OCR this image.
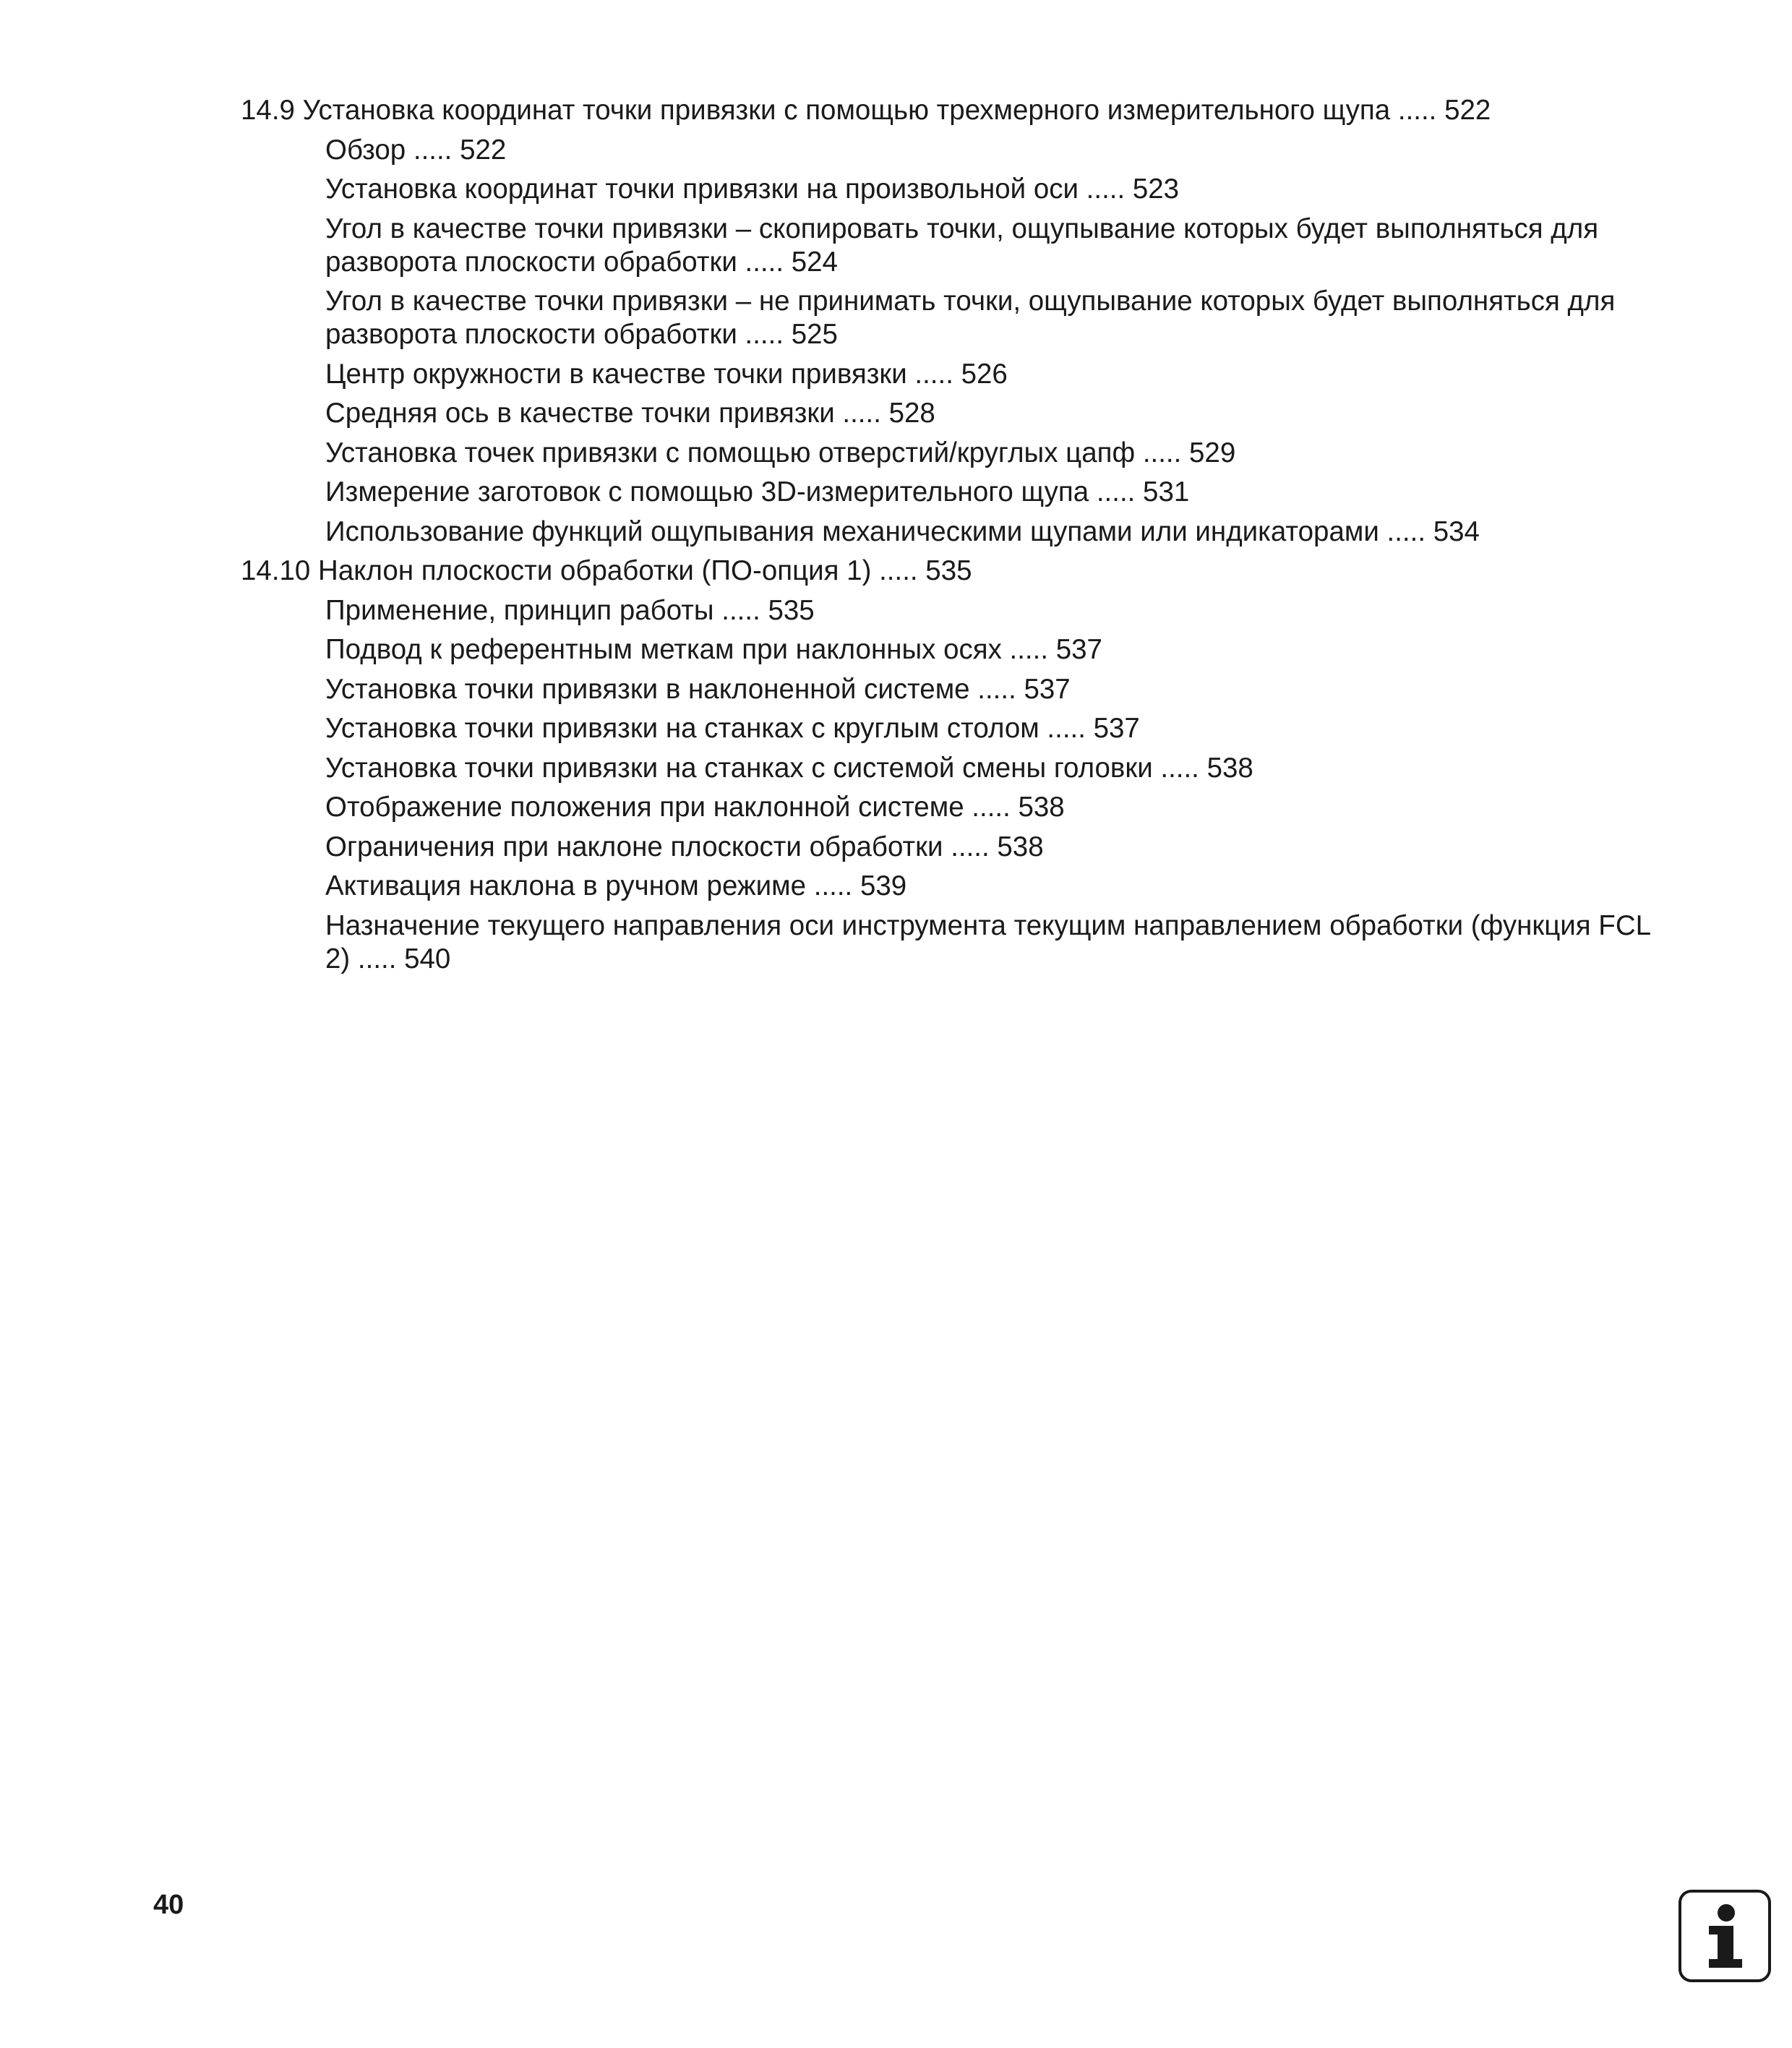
14.9 Установка координат точки привязки с помощью трехмерного измерительного щупа ..... 522
Обзор ..... 522
Установка координат точки привязки на произвольной оси ..... 523
Угол в качестве точки привязки – скопировать точки, ощупывание которых будет выполняться для разворота плоскости обработки ..... 524
Угол в качестве точки привязки – не принимать точки, ощупывание которых будет выполняться для разворота плоскости обработки ..... 525
Центр окружности в качестве точки привязки ..... 526
Средняя ось в качестве точки привязки ..... 528
Установка точек привязки с помощью отверстий/круглых цапф ..... 529
Измерение заготовок с помощью 3D-измерительного щупа ..... 531
Использование функций ощупывания механическими щупами или индикаторами ..... 534
14.10 Наклон плоскости обработки (ПО-опция 1) ..... 535
Применение, принцип работы ..... 535
Подвод к референтным меткам при наклонных осях ..... 537
Установка точки привязки в наклоненной системе ..... 537
Установка точки привязки на станках с круглым столом ..... 537
Установка точки привязки на станках с системой смены головки ..... 538
Отображение положения при наклонной системе ..... 538
Ограничения при наклоне плоскости обработки ..... 538
Активация наклона в ручном режиме ..... 539
Назначение текущего направления оси инструмента текущим направлением обработки (функция FCL 2) ..... 540
40
